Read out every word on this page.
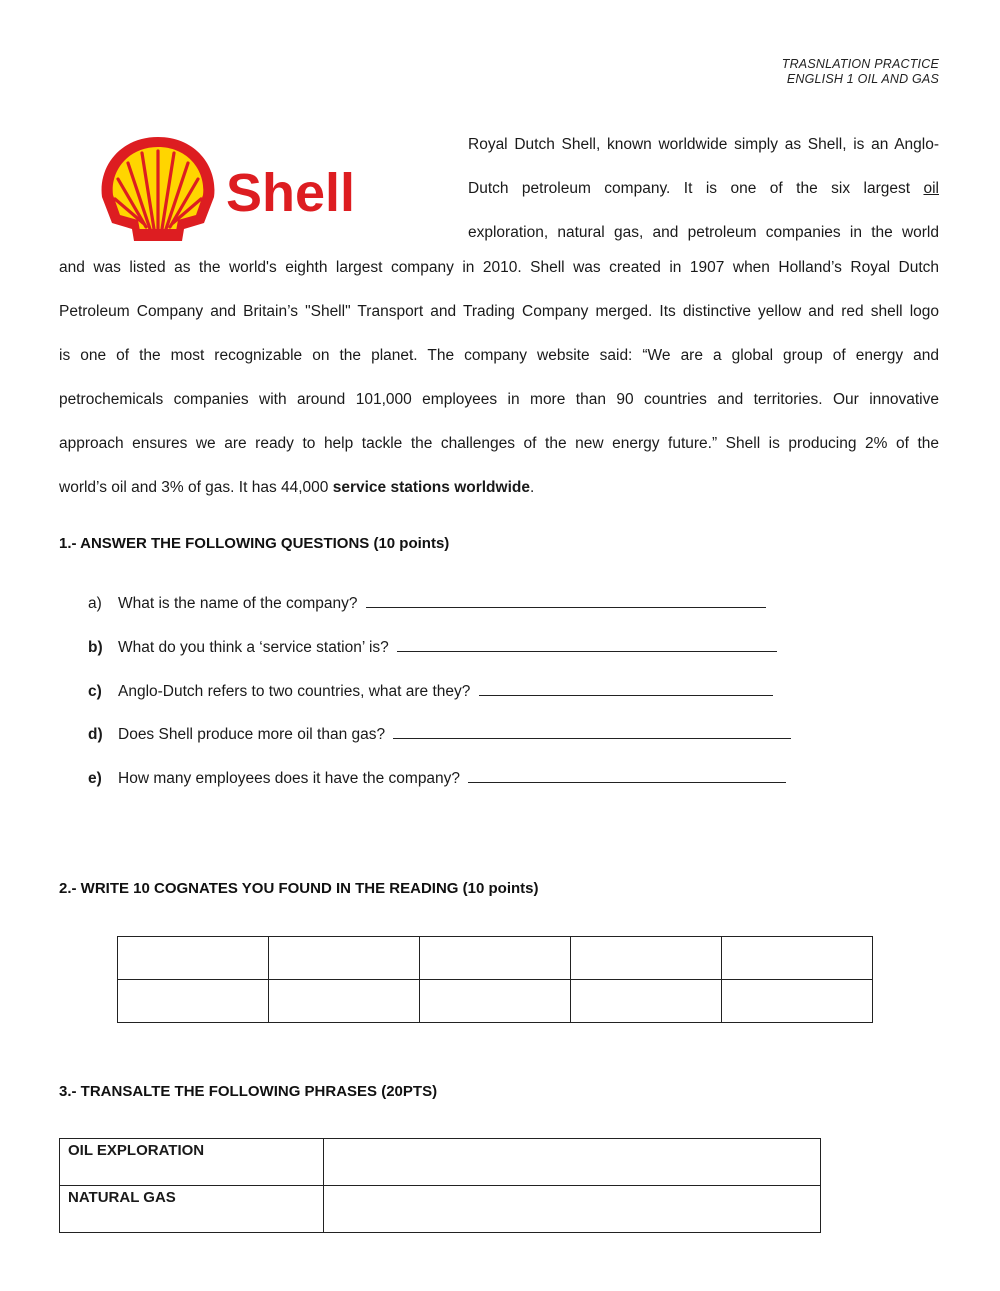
TRASNLATION PRACTICE
ENGLISH 1 OIL AND GAS
Shell
Royal Dutch Shell, known worldwide simply as Shell, is an Anglo-
Dutch petroleum company. It is one of the six largest oil
exploration, natural gas, and petroleum companies in the world
and was listed as the world's eighth largest company in 2010. Shell was created in 1907 when Holland’s Royal Dutch
Petroleum Company and Britain’s "Shell" Transport and Trading Company merged. Its distinctive yellow and red shell logo
is one of the most recognizable on the planet. The company website said: “We are a global group of energy and
petrochemicals companies with around 101,000 employees in more than 90 countries and territories. Our innovative
approach ensures we are ready to help tackle the challenges of the new energy future.” Shell is producing 2% of the
world’s oil and 3% of gas. It has 44,000 service stations worldwide.
1.- ANSWER THE FOLLOWING QUESTIONS (10 points)
a) What is the name of the company?
b) What do you think a ‘service station’ is?
c) Anglo-Dutch refers to two countries, what are they?
d) Does Shell produce more oil than gas?
e) How many employees does it have the company?
2.- WRITE 10 COGNATES YOU FOUND IN THE READING (10 points)

3.- TRANSALTE THE FOLLOWING PHRASES (20PTS)
OIL EXPLORATION	
NATURAL GAS	
